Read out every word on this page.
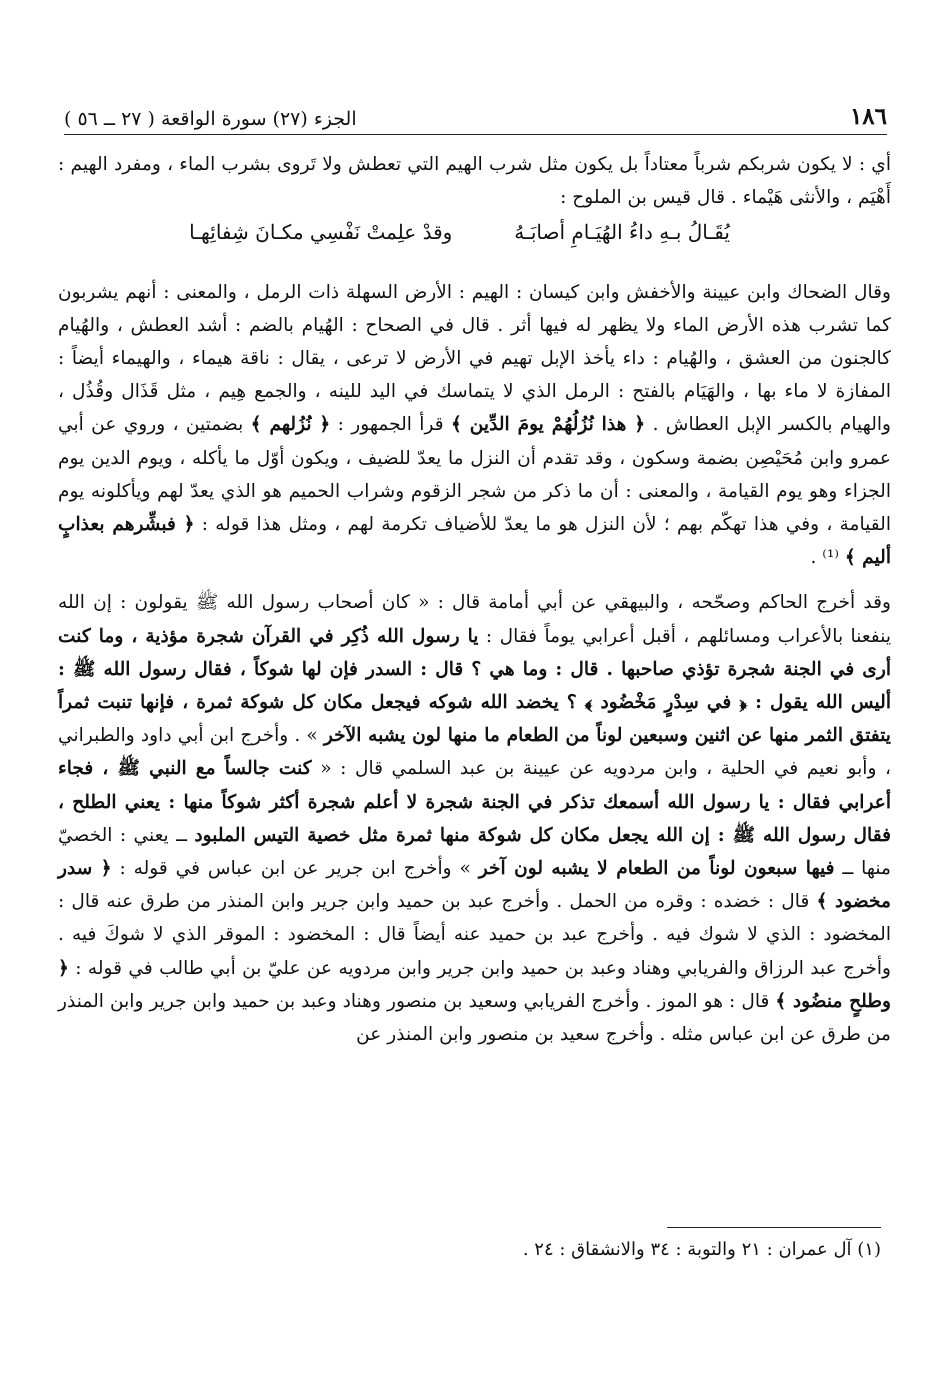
١٨٦
الجزء (٢٧) سورة الواقعة ( ٢٧ ــ ٥٦ )

أي : لا يكون شربكم شرباً معتاداً بل يكون مثل شرب الهيم التي تعطش ولا تَروى بشرب الماء ، ومفرد الهيم : أَهْيَم ، والأنثى هَيْماء . قال قيس بن الملوح :

يُقَـالُ بـهِ داءُ الهُيَـامِ أصابَـهُ
وقدْ علِمتْ نَفْسِي مكـانَ شِفائِهـا

وقال الضحاك وابن عيينة والأخفش وابن كيسان : الهيم : الأرض السهلة ذات الرمل ، والمعنى : أنهم يشربون كما تشرب هذه الأرض الماء ولا يظهر له فيها أثر . قال في الصحاح : الهُيام بالضم : أشد العطش ، والهُيام كالجنون من العشق ، والهُيام : داء يأخذ الإبل تهيم في الأرض لا ترعى ، يقال : ناقة هيماء ، والهيماء أيضاً : المفازة لا ماء بها ، والهَيَام بالفتح : الرمل الذي لا يتماسك في اليد للينه ، والجمع هِيم ، مثل قَذَال وقُذُل ، والهيام بالكسر الإبل العطاش . ﴿ هذا نُزُلُهُمْ يومَ الدِّين ﴾ قرأ الجمهور : ﴿ نُزُلهم ﴾ بضمتين ، وروي عن أبي عمرو وابن مُحَيْصِن بضمة وسكون ، وقد تقدم أن النزل ما يعدّ للضيف ، ويكون أوّل ما يأكله ، ويوم الدين يوم الجزاء وهو يوم القيامة ، والمعنى : أن ما ذكر من شجر الزقوم وشراب الحميم هو الذي يعدّ لهم ويأكلونه يوم القيامة ، وفي هذا تهكّم بهم ؛ لأن النزل هو ما يعدّ للأضياف تكرمة لهم ، ومثل هذا قوله : ﴿ فبشِّرهم بعذابٍ أليم ﴾ ⁽¹⁾ .

وقد أخرج الحاكم وصحّحه ، والبيهقي عن أبي أمامة قال : « كان أصحاب رسول الله ﷺ يقولون : إن الله ينفعنا بالأعراب ومسائلهم ، أقبل أعرابي يوماً فقال : يا رسول الله ذُكِر في القرآن شجرة مؤذية ، وما كنت أرى في الجنة شجرة تؤذي صاحبها . قال : وما هي ؟ قال : السدر فإن لها شوكاً ، فقال رسول الله ﷺ : أليس الله يقول : ﴿ في سِدْرٍ مَخْضُود ﴾ ؟ يخضد الله شوكه فيجعل مكان كل شوكة ثمرة ، فإنها تنبت ثمراً يتفتق الثمر منها عن اثنين وسبعين لوناً من الطعام ما منها لون يشبه الآخر » . وأخرج ابن أبي داود والطبراني ، وأبو نعيم في الحلية ، وابن مردويه عن عيينة بن عبد السلمي قال : « كنت جالساً مع النبي ﷺ ، فجاء أعرابي فقال : يا رسول الله أسمعك تذكر في الجنة شجرة لا أعلم شجرة أكثر شوكاً منها : يعني الطلح ، فقال رسول الله ﷺ : إن الله يجعل مكان كل شوكة منها ثمرة مثل خصية التيس الملبود ــ يعني : الخصيّ منها ــ فيها سبعون لوناً من الطعام لا يشبه لون آخر » وأخرج ابن جرير عن ابن عباس في قوله : ﴿ سدر مخضود ﴾ قال : خضده : وقره من الحمل . وأخرج عبد بن حميد وابن جرير وابن المنذر من طرق عنه قال : المخضود : الذي لا شوك فيه . وأخرج عبد بن حميد عنه أيضاً قال : المخضود : الموقر الذي لا شوكَ فيه . وأخرج عبد الرزاق والفريابي وهناد وعبد بن حميد وابن جرير وابن مردويه عن عليّ بن أبي طالب في قوله : ﴿ وطلحٍ منضُود ﴾ قال : هو الموز . وأخرج الفريابي وسعيد بن منصور وهناد وعبد بن حميد وابن جرير وابن المنذر من طرق عن ابن عباس مثله . وأخرج سعيد بن منصور وابن المنذر عن

(١) آل عمران : ٢١ والتوبة : ٣٤ والانشقاق : ٢٤ .
